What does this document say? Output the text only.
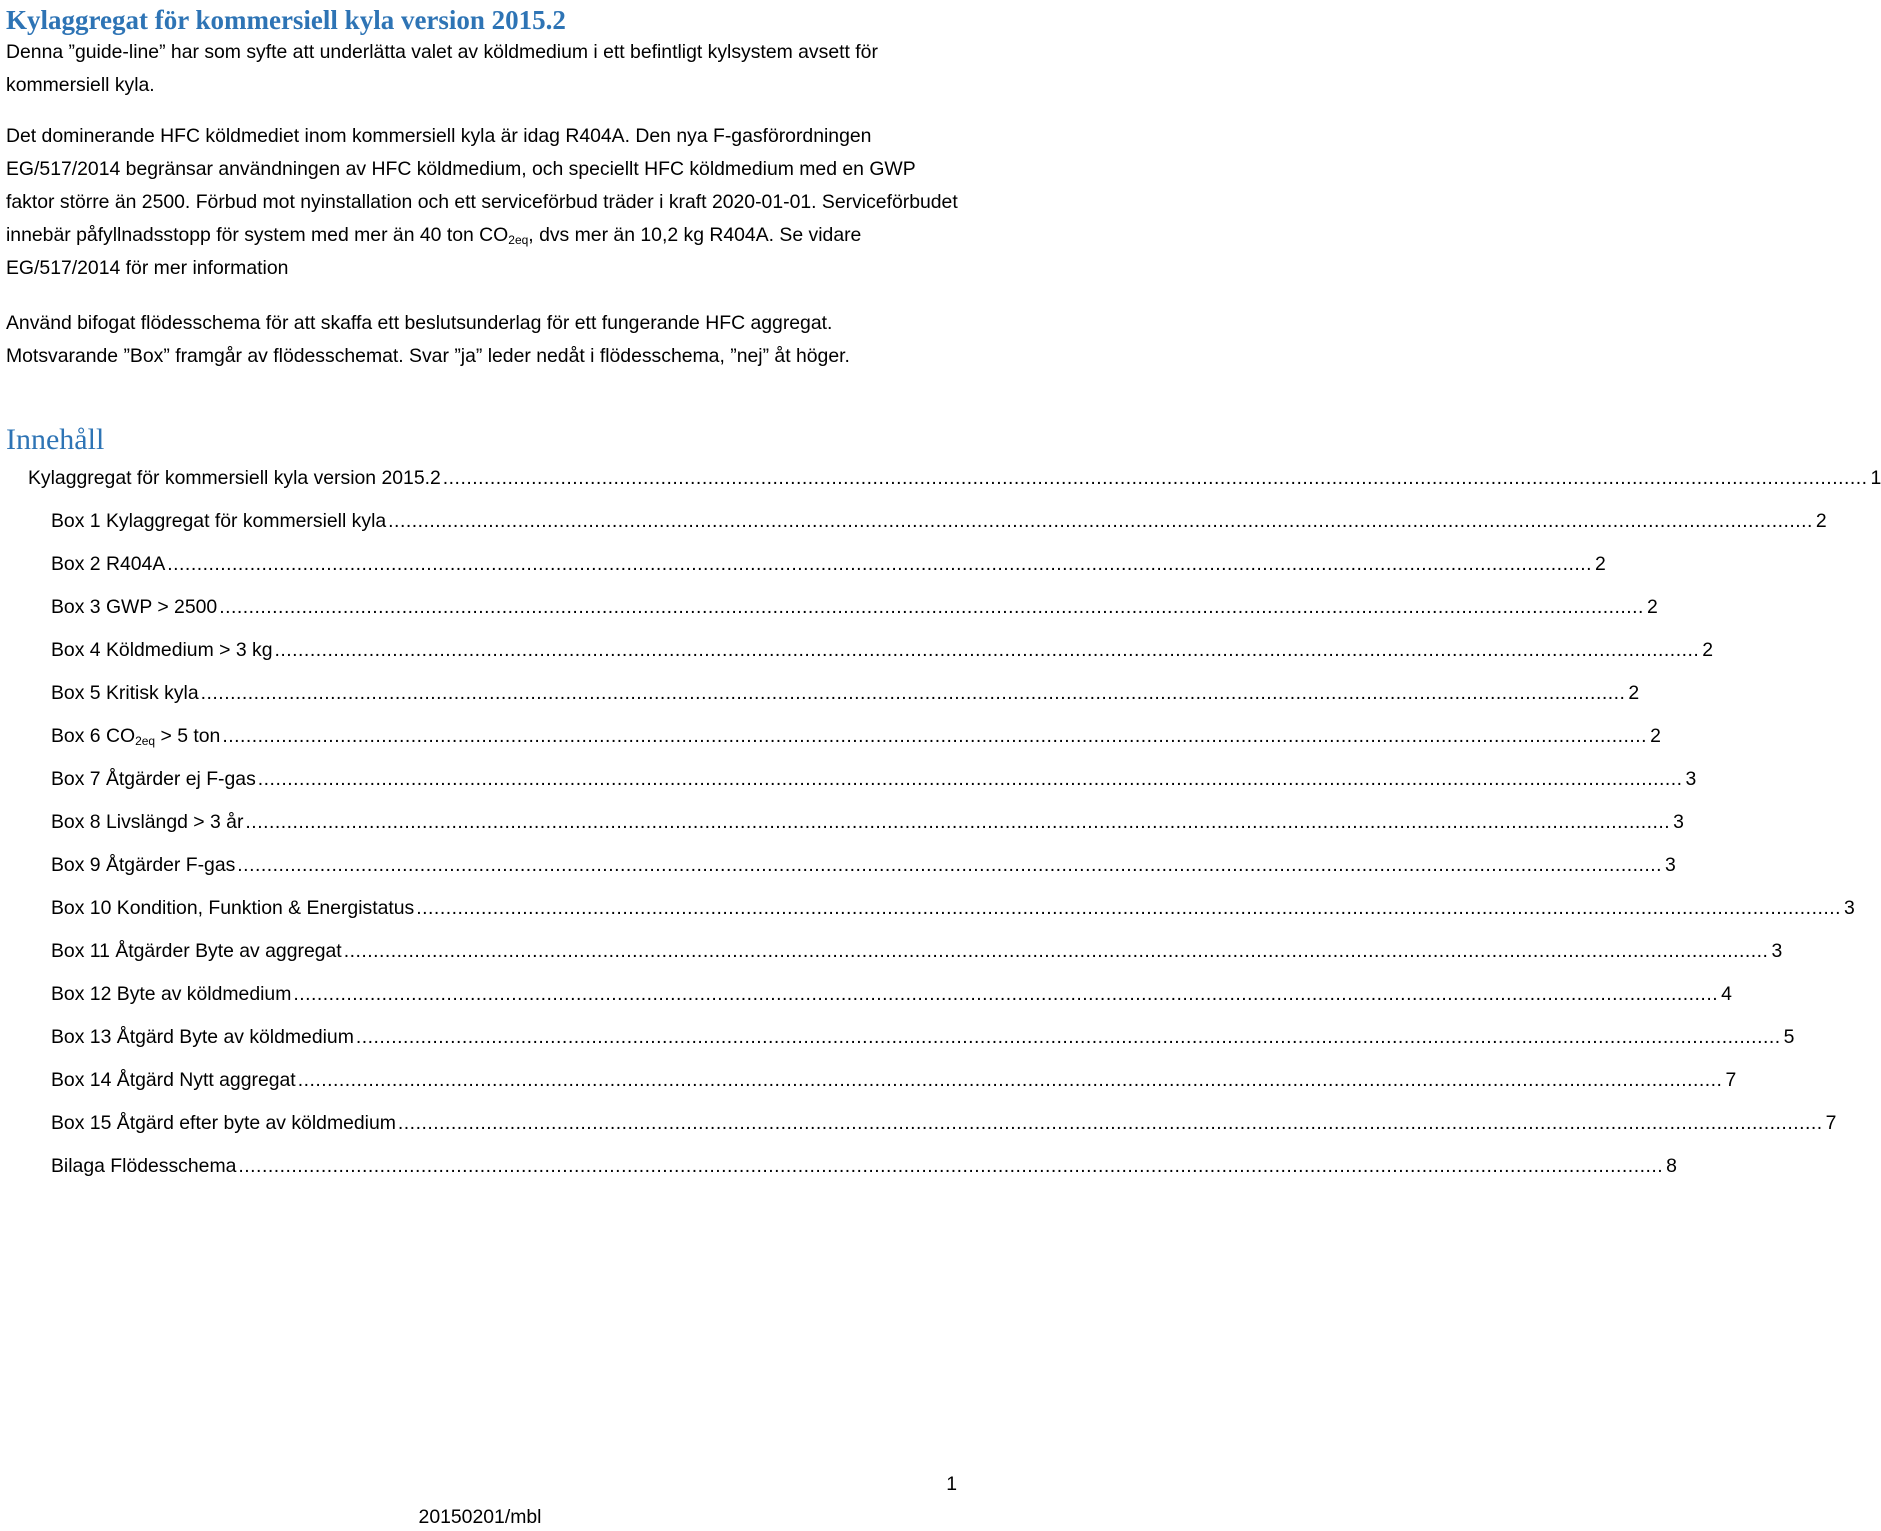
Kylaggregat för kommersiell kyla version 2015.2

Denna ”guide-line” har som syfte att underlätta valet av köldmedium i ett befintligt kylsystem avsett för kommersiell kyla.

Det dominerande HFC köldmediet inom kommersiell kyla är idag R404A. Den nya F-gasförordningen EG/517/2014 begränsar användningen av HFC köldmedium, och speciellt HFC köldmedium med en GWP faktor större än 2500. Förbud mot nyinstallation och ett serviceförbud träder i kraft 2020-01-01. Serviceförbudet innebär påfyllnadsstopp för system med mer än 40 ton $CO_{2eq}$, dvs mer än 10,2 kg R404A. Se vidare EG/517/2014 för mer information

Använd bifogat flödesschema för att skaffa ett beslutsunderlag för ett fungerande HFC aggregat.
Motsvarande ”Box” framgår av flödesschemat. Svar ”ja” leder nedåt i flödesschema, ”nej” åt höger.

Innehåll
Kylaggregat för kommersiell kyla version 2015.2 .................................................................................................................................................................................................................................................. 1
Box 1 Kylaggregat för kommersiell kyla .................................................................................................................................................................................................................................................. 2
Box 2 R404A .................................................................................................................................................................................................................................................. 2
Box 3 GWP > 2500 .................................................................................................................................................................................................................................................. 2
Box 4 Köldmedium > 3 kg .................................................................................................................................................................................................................................................. 2
Box 5 Kritisk kyla .................................................................................................................................................................................................................................................. 2
Box 6 $CO_{2eq} > 5$ ton .................................................................................................................................................................................................................................................. 2
Box 7 Åtgärder ej F-gas .................................................................................................................................................................................................................................................. 3
Box 8 Livslängd > 3 år .................................................................................................................................................................................................................................................. 3
Box 9 Åtgärder F-gas .................................................................................................................................................................................................................................................. 3
Box 10 Kondition, Funktion & Energistatus .................................................................................................................................................................................................................................................. 3
Box 11 Åtgärder Byte av aggregat .................................................................................................................................................................................................................................................. 3
Box 12 Byte av köldmedium .................................................................................................................................................................................................................................................. 4
Box 13 Åtgärd Byte av köldmedium .................................................................................................................................................................................................................................................. 5
Box 14 Åtgärd Nytt aggregat .................................................................................................................................................................................................................................................. 7
Box 15 Åtgärd efter byte av köldmedium .................................................................................................................................................................................................................................................. 7
Bilaga Flödesschema .................................................................................................................................................................................................................................................. 8
1
20150201/mbl
